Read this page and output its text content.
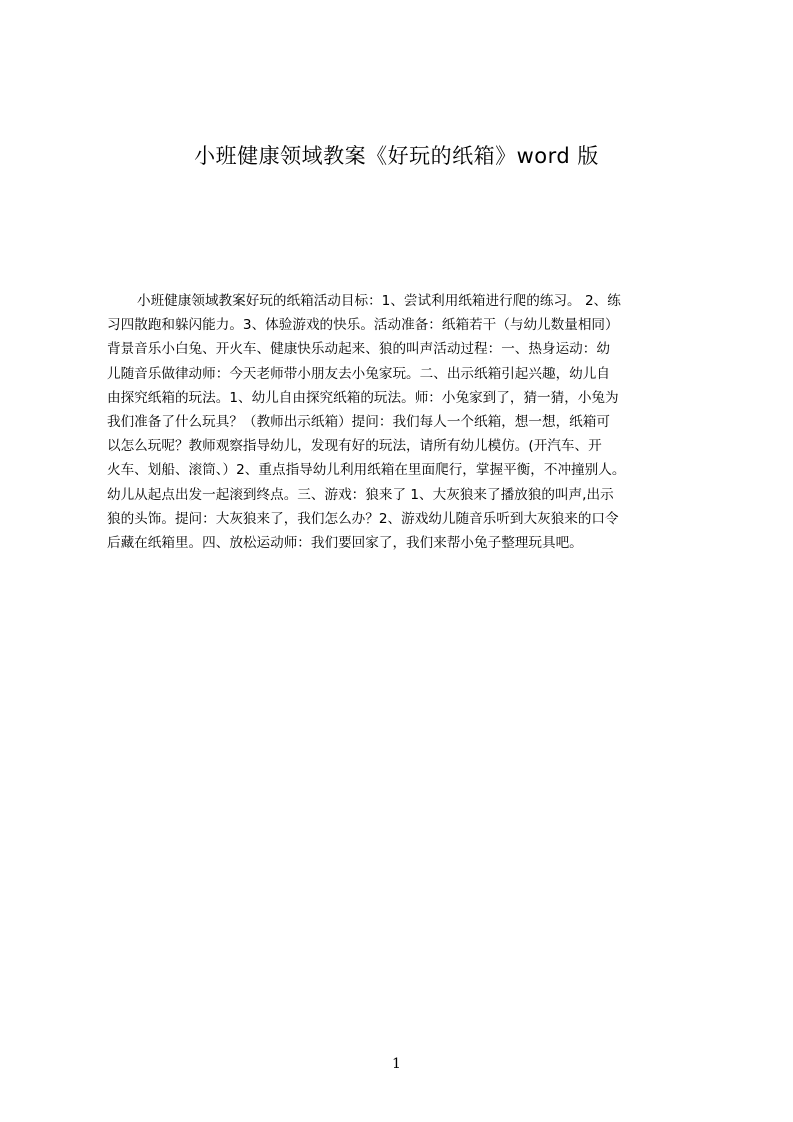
小班健康领域教案《好玩的纸箱》word 版
小班健康领域教案好玩的纸箱活动目标：1、尝试利用纸箱进行爬的练习。 2、练
习四散跑和躲闪能力。3、体验游戏的快乐。活动准备：纸箱若干（与幼儿数量相同）
背景音乐小白兔、开火车、健康快乐动起来、狼的叫声活动过程：一、热身运动：幼
儿随音乐做律动师：今天老师带小朋友去小兔家玩。二、出示纸箱引起兴趣，幼儿自
由探究纸箱的玩法。1、幼儿自由探究纸箱的玩法。师：小兔家到了，猜一猜，小兔为
我们准备了什么玩具？（教师出示纸箱）提问：我们每人一个纸箱，想一想，纸箱可
以怎么玩呢？教师观察指导幼儿，发现有好的玩法，请所有幼儿模仿。(开汽车、开
火车、划船、滚筒、）2、重点指导幼儿利用纸箱在里面爬行，掌握平衡，不冲撞别人。
幼儿从起点出发一起滚到终点。三、游戏：狼来了 1、大灰狼来了播放狼的叫声,出示
狼的头饰。提问：大灰狼来了，我们怎么办？2、游戏幼儿随音乐听到大灰狼来的口令
后藏在纸箱里。四、放松运动师：我们要回家了，我们来帮小兔子整理玩具吧。
1
